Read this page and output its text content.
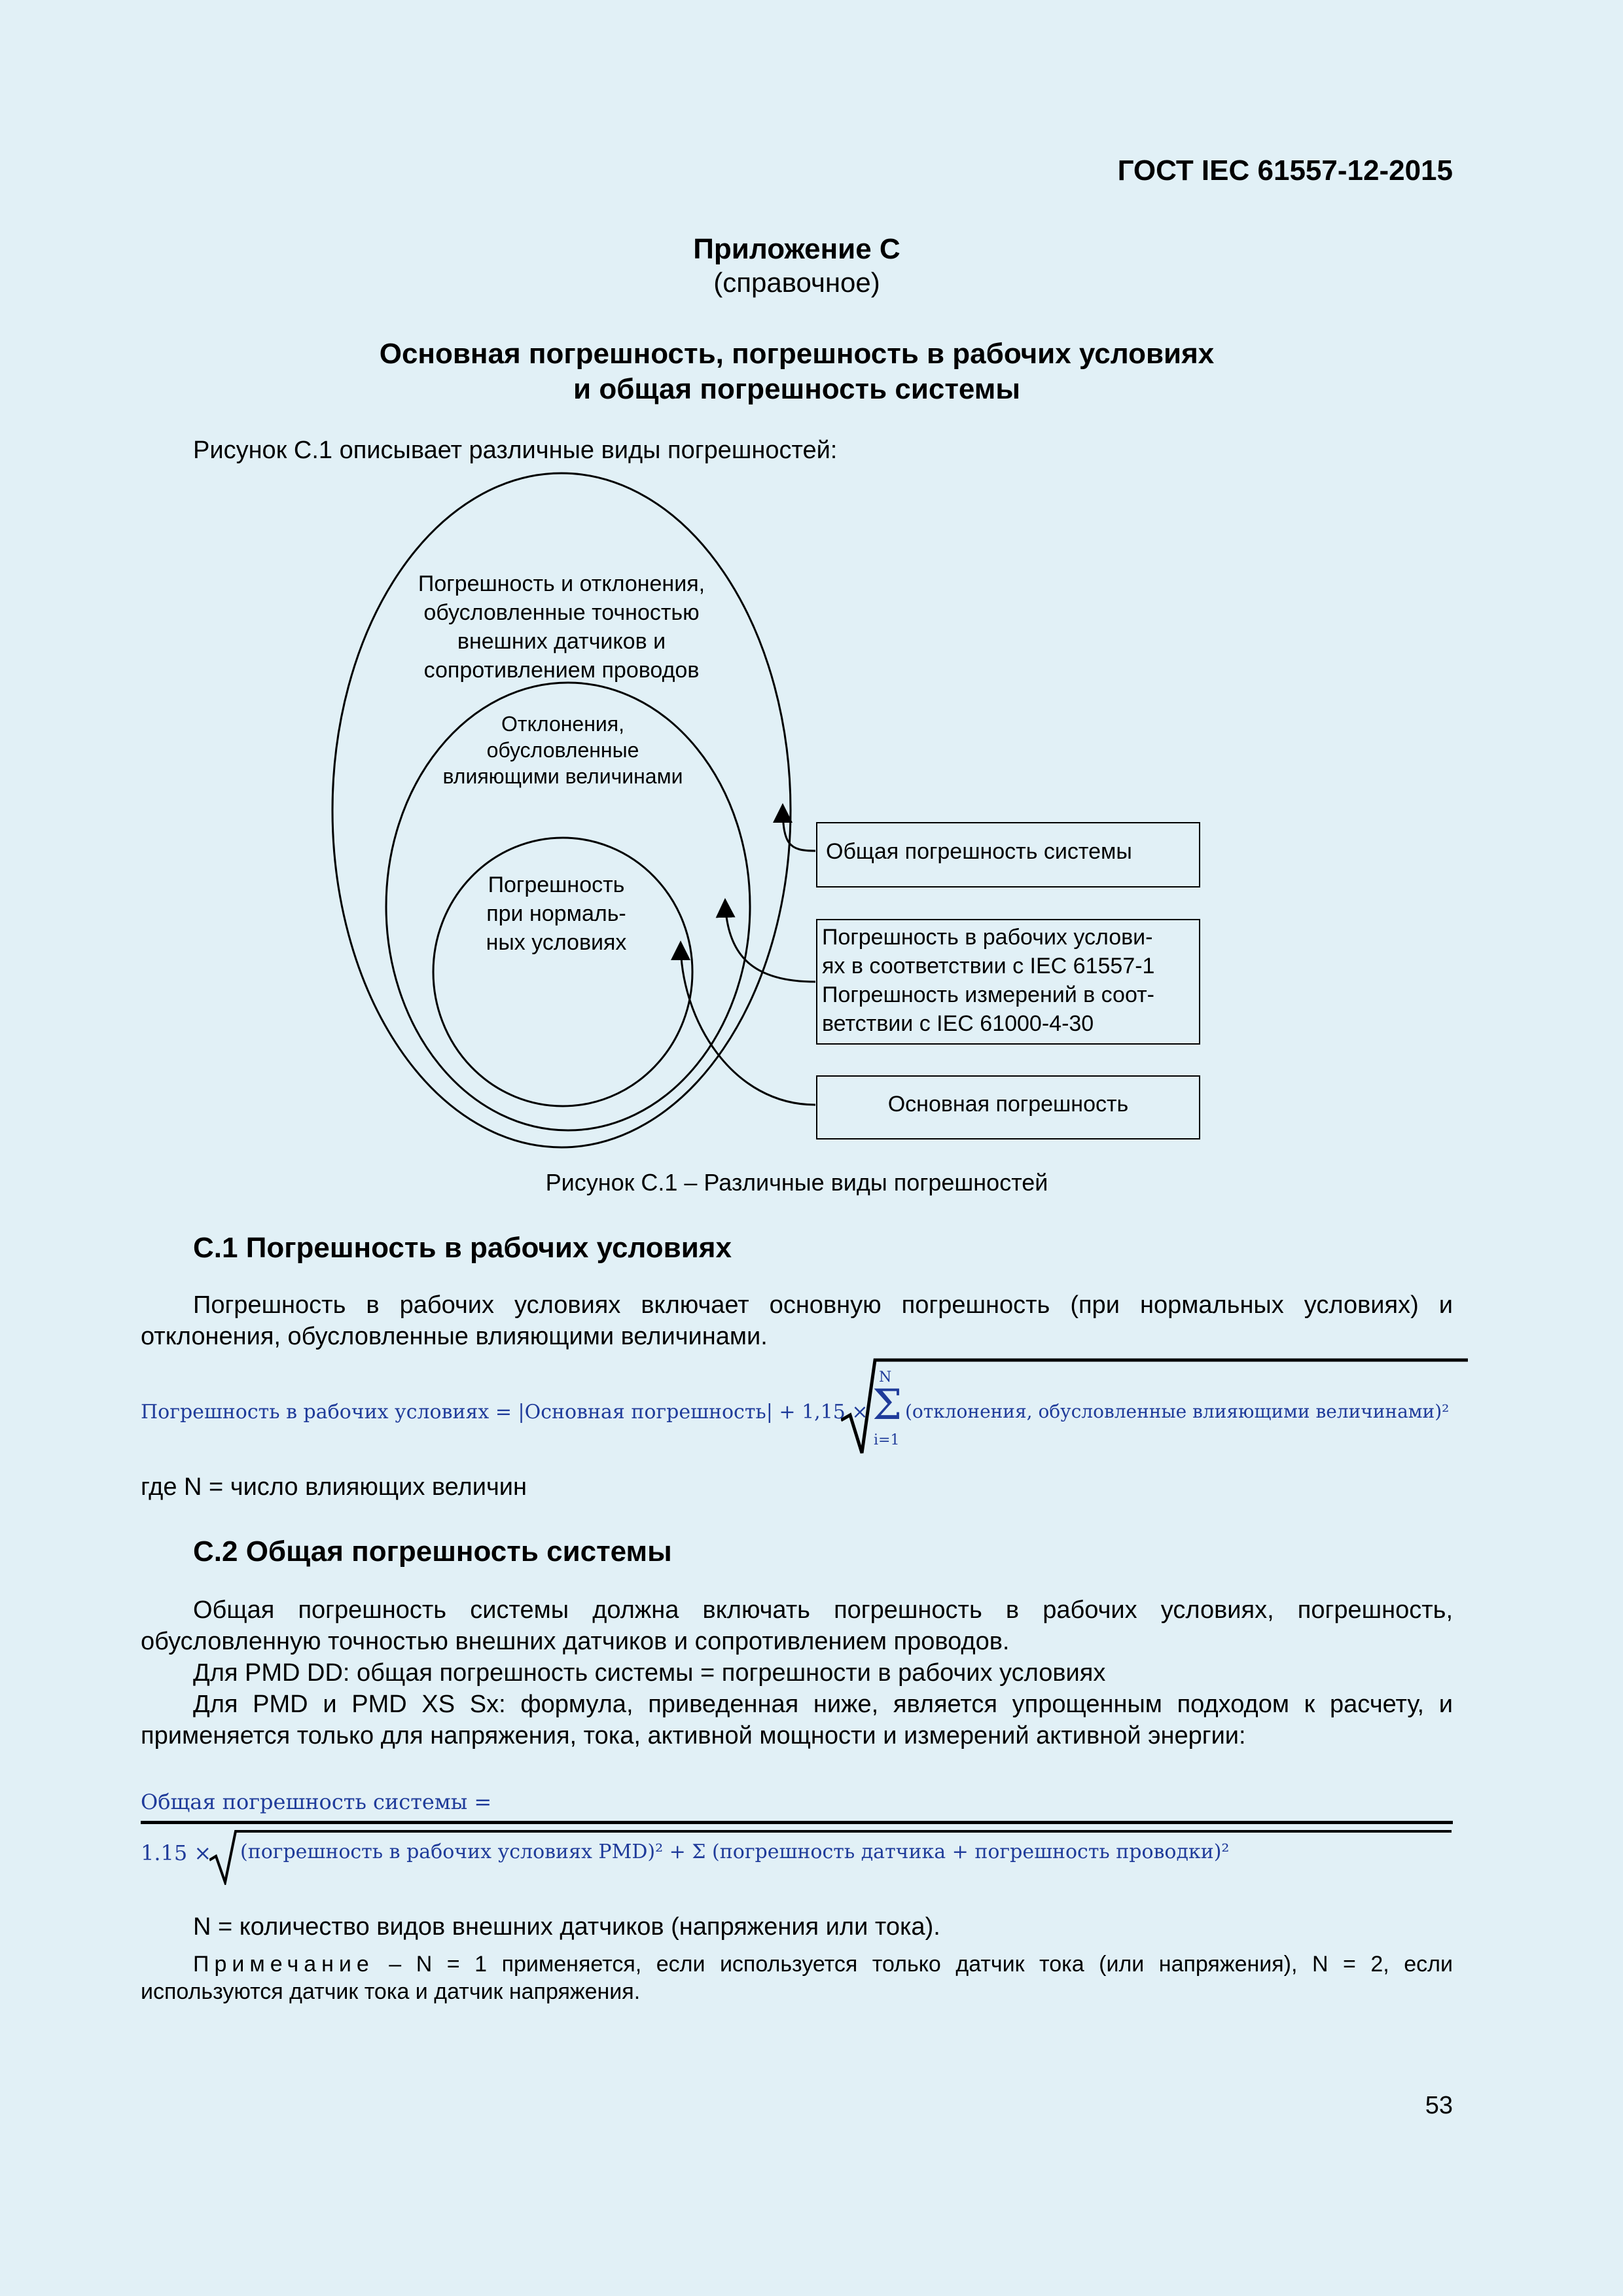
ГОСТ IEC 61557-12-2015
Приложение С
(справочное)
Основная погрешность, погрешность в рабочих условиях
и общая погрешность системы
Рисунок С.1 описывает различные виды погрешностей:
Погрешность и отклонения,
обусловленные точностью
внешних датчиков и
сопротивлением проводов
Отклонения,
обусловленные
влияющими величинами
Погрешность
при нормаль-
ных условиях
Общая погрешность системы
Погрешность в рабочих услови-
ях в соответствии с IEC 61557-1
Погрешность измерений в соот-
ветствии с IEC 61000-4-30
Основная погрешность
Рисунок С.1 – Различные виды погрешностей
С.1 Погрешность в рабочих условиях
Погрешность в рабочих условиях включает основную погрешность (при нормальных условиях) и отклонения, обусловленные влияющими величинами.
Погрешность в рабочих условиях = |Основная погрешность| + 1,15 ×
N
Σ
i=1
(отклонения, обусловленные влияющими величинами)²
где N = число влияющих величин
С.2 Общая погрешность системы
Общая погрешность системы должна включать погрешность в рабочих условиях, погрешность, обусловленную точностью внешних датчиков и сопротивлением проводов.
Для PMD DD: общая погрешность системы = погрешности в рабочих условиях
Для PMD и PMD XS Sx: формула, приведенная ниже, является упрощенным подходом к расчету, и применяется только для напряжения, тока, активной мощности и измерений активной энергии:
Общая погрешность системы =
1.15 × (погрешность в рабочих условиях PMD)² + Σ (погрешность датчика + погрешность проводки)²
N = количество видов внешних датчиков (напряжения или тока).
Примечание – N = 1 применяется, если используется только датчик тока (или напряжения), N = 2, если используются датчик тока и датчик напряжения.
53
